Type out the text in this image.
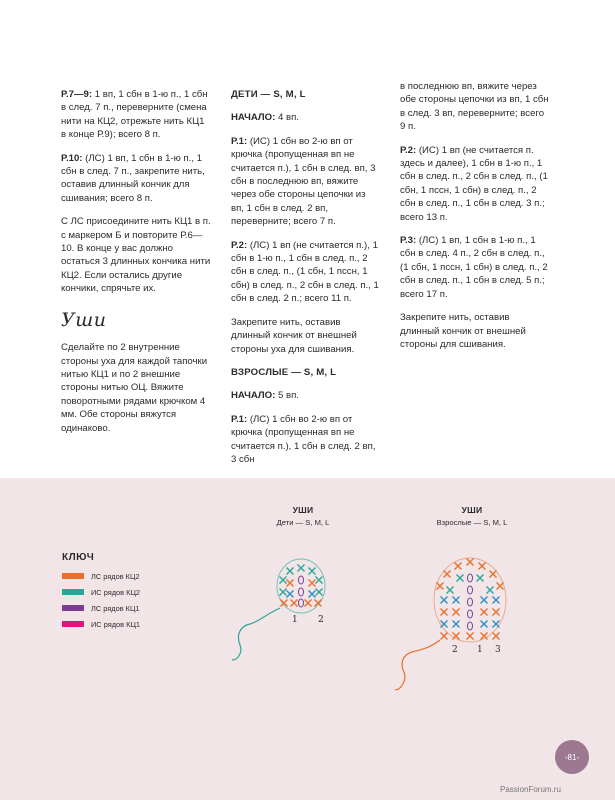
Р.7—9: 1 вп, 1 сбн в 1-ю п., 1 сбн в след. 7 п., переверните (смена нити на КЦ2, отрежьте нить КЦ1 в конце Р.9); всего 8 п.

Р.10: (ЛС) 1 вп, 1 сбн в 1-ю п., 1 сбн в след. 7 п., закрепите нить, оставив длинный кончик для сшивания; всего 8 п.

С ЛС присоедините нить КЦ1 в п. с маркером Б и повторите Р.6—10. В конце у вас должно остаться 3 длинных кончика нити КЦ2. Если остались другие кончики, спрячьте их.

Уши

Сделайте по 2 внутренние стороны уха для каждой тапочки нитью КЦ1 и по 2 внешние стороны нитью ОЦ. Вяжите поворотными рядами крючком 4 мм. Обе стороны вяжутся одинаково.

ДЕТИ — S, M, L

НАЧАЛО: 4 вп.

Р.1: (ИС) 1 сбн во 2-ю вп от крючка (пропущенная вп не считается п.), 1 сбн в след. вп, 3 сбн в последнюю вп, вяжите через обе стороны цепочки из вп, 1 сбн в след. 2 вп, переверните; всего 7 п.

Р.2: (ЛС) 1 вп (не считается п.), 1 сбн в 1-ю п., 1 сбн в след. п., 2 сбн в след. п., (1 сбн, 1 пссн, 1 сбн) в след. п., 2 сбн в след. п., 1 сбн в след. 2 п.; всего 11 п.

Закрепите нить, оставив длинный кончик от внешней стороны уха для сшивания.

ВЗРОСЛЫЕ — S, M, L

НАЧАЛО: 5 вп.

Р.1: (ЛС) 1 сбн во 2-ю вп от крючка (пропущенная вп не считается п.), 1 сбн в след. 2 вп, 3 сбн

в последнюю вп, вяжите через обе стороны цепочки из вп, 1 сбн в след. 3 вп, переверните; всего 9 п.

Р.2: (ИС) 1 вп (не считается п. здесь и далее), 1 сбн в 1-ю п., 1 сбн в след. п., 2 сбн в след. п., (1 сбн, 1 пссн, 1 сбн) в след. п., 2 сбн в след. п., 1 сбн в след. 3 п.; всего 13 п.

Р.3: (ЛС) 1 вп, 1 сбн в 1-ю п., 1 сбн в след. 4 п., 2 сбн в след. п., (1 сбн, 1 пссн, 1 сбн) в след. п., 2 сбн в след. п., 1 сбн в след. 5 п.; всего 17 п.

Закрепите нить, оставив длинный кончик от внешней стороны для сшивания.

КЛЮЧ
ЛС рядов КЦ2
ИС рядов КЦ2
ЛС рядов КЦ1
ИС рядов КЦ1
УШИ
Дети — S, M, L
УШИ
Взрослые — S, M, L
1 2
2 1 3
-81-
PassionForum.ru
